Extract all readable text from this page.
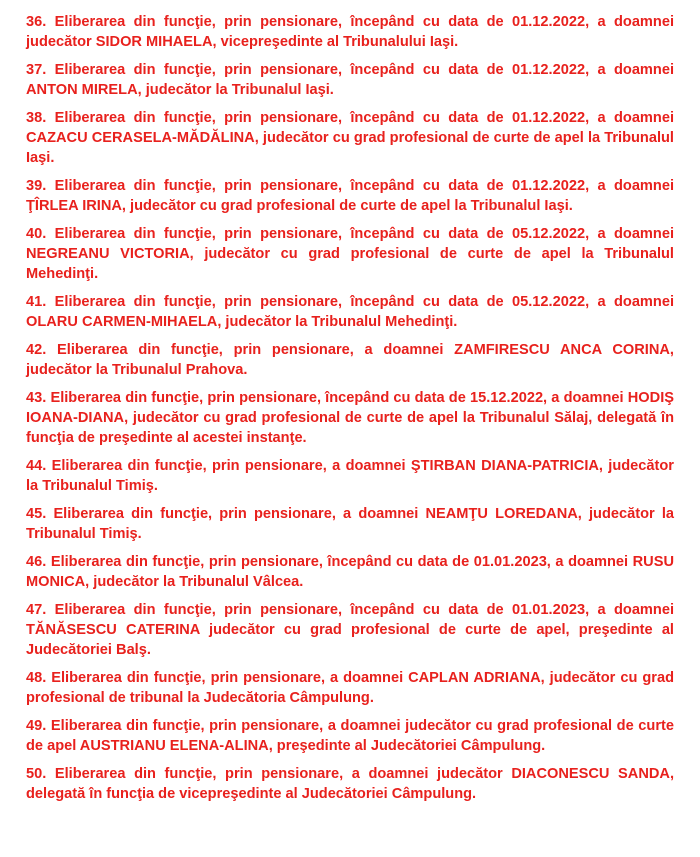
36. Eliberarea din funcţie, prin pensionare, începând cu data de 01.12.2022, a doamnei judecător SIDOR MIHAELA, vicepreşedinte al Tribunalului Iaşi.

37. Eliberarea din funcţie, prin pensionare, începând cu data de 01.12.2022, a doamnei ANTON MIRELA, judecător la Tribunalul Iaşi.

38. Eliberarea din funcţie, prin pensionare, începând cu data de 01.12.2022, a doamnei CAZACU CERASELA-MĂDĂLINA, judecător cu grad profesional de curte de apel la Tribunalul Iaşi.

39. Eliberarea din funcţie, prin pensionare, începând cu data de 01.12.2022, a doamnei ŢÎRLEA IRINA, judecător cu grad profesional de curte de apel la Tribunalul Iaşi.

40. Eliberarea din funcţie, prin pensionare, începând cu data de 05.12.2022, a doamnei NEGREANU VICTORIA, judecător cu grad profesional de curte de apel la Tribunalul Mehedinţi.

41. Eliberarea din funcţie, prin pensionare, începând cu data de 05.12.2022, a doamnei OLARU CARMEN-MIHAELA, judecător la Tribunalul Mehedinţi.

42. Eliberarea din funcţie, prin pensionare, a doamnei ZAMFIRESCU ANCA CORINA, judecător la Tribunalul Prahova.

43. Eliberarea din funcţie, prin pensionare, începând cu data de 15.12.2022, a doamnei HODIŞ IOANA-DIANA, judecător cu grad profesional de curte de apel la Tribunalul Sălaj, delegată în funcţia de preşedinte al acestei instanţe.

44. Eliberarea din funcţie, prin pensionare, a doamnei ŞTIRBAN DIANA-PATRICIA, judecător la Tribunalul Timiş.

45. Eliberarea din funcţie, prin pensionare, a doamnei NEAMŢU LOREDANA, judecător la Tribunalul Timiş.

46. Eliberarea din funcţie, prin pensionare, începând cu data de 01.01.2023, a doamnei RUSU MONICA, judecător la Tribunalul Vâlcea.

47. Eliberarea din funcţie, prin pensionare, începând cu data de 01.01.2023, a doamnei TĂNĂSESCU CATERINA judecător cu grad profesional de curte de apel, preşedinte al Judecătoriei Balş.

48. Eliberarea din funcţie, prin pensionare, a doamnei CAPLAN ADRIANA, judecător cu grad profesional de tribunal la Judecătoria Câmpulung.

49. Eliberarea din funcţie, prin pensionare, a doamnei judecător cu grad profesional de curte de apel AUSTRIANU ELENA-ALINA, preşedinte al Judecătoriei Câmpulung.

50. Eliberarea din funcţie, prin pensionare, a doamnei judecător DIACONESCU SANDA, delegată în funcţia de vicepreşedinte al Judecătoriei Câmpulung.
